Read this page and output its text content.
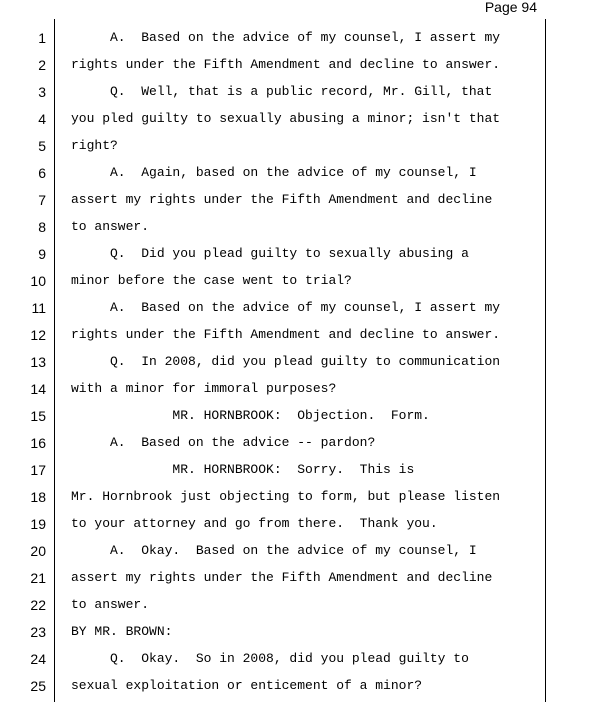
Page 94
1 A.  Based on the advice of my counsel, I assert my
2 rights under the Fifth Amendment and decline to answer.
3 Q.  Well, that is a public record, Mr. Gill, that
4 you pled guilty to sexually abusing a minor; isn't that
5 right?
6 A.  Again, based on the advice of my counsel, I
7 assert my rights under the Fifth Amendment and decline
8 to answer.
9 Q.  Did you plead guilty to sexually abusing a
10 minor before the case went to trial?
11 A.  Based on the advice of my counsel, I assert my
12 rights under the Fifth Amendment and decline to answer.
13 Q.  In 2008, did you plead guilty to communication
14 with a minor for immoral purposes?
15 MR. HORNBROOK:  Objection.  Form.
16 A.  Based on the advice -- pardon?
17 MR. HORNBROOK:  Sorry.  This is
18 Mr. Hornbrook just objecting to form, but please listen
19 to your attorney and go from there.  Thank you.
20 A.  Okay.  Based on the advice of my counsel, I
21 assert my rights under the Fifth Amendment and decline
22 to answer.
23 BY MR. BROWN:
24 Q.  Okay.  So in 2008, did you plead guilty to
25 sexual exploitation or enticement of a minor?
